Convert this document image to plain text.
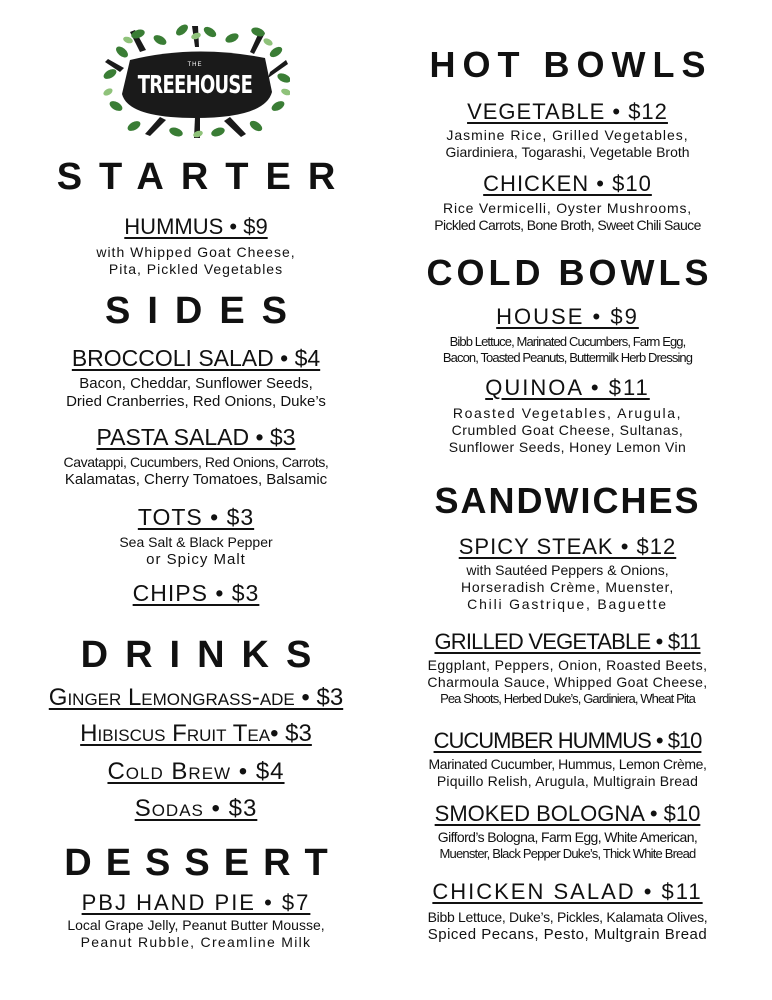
THE
TREEHOUSE
STARTER
HUMMUS • $9
with Whipped Goat Cheese,
Pita, Pickled Vegetables
SIDES
BROCCOLI SALAD • $4
Bacon, Cheddar, Sunflower Seeds,
Dried Cranberries, Red Onions, Duke’s
PASTA SALAD • $3
Cavatappi, Cucumbers, Red Onions, Carrots,
Kalamatas, Cherry Tomatoes, Balsamic
TOTS • $3
Sea Salt & Black Pepper
or Spicy Malt
CHIPS • $3
DRINKS
Ginger Lemongrass-ade • $3
Hibiscus Fruit Tea• $3
Cold Brew • $4
Sodas • $3
DESSERT
PBJ HAND PIE • $7
Local Grape Jelly, Peanut Butter Mousse,
Peanut Rubble, Creamline Milk
HOT BOWLS
VEGETABLE • $12
Jasmine Rice, Grilled Vegetables,
Giardiniera, Togarashi, Vegetable Broth
CHICKEN • $10
Rice Vermicelli, Oyster Mushrooms,
Pickled Carrots, Bone Broth, Sweet Chili Sauce
COLD BOWLS
HOUSE • $9
Bibb Lettuce, Marinated Cucumbers, Farm Egg,
Bacon, Toasted Peanuts, Buttermilk Herb Dressing
QUINOA • $11
Roasted Vegetables, Arugula,
Crumbled Goat Cheese, Sultanas,
Sunflower Seeds, Honey Lemon Vin
SANDWICHES
SPICY STEAK • $12
with Sautéed Peppers & Onions,
Horseradish Crème, Muenster,
Chili Gastrique, Baguette
GRILLED VEGETABLE • $11
Eggplant, Peppers, Onion, Roasted Beets,
Charmoula Sauce, Whipped Goat Cheese,
Pea Shoots, Herbed Duke’s, Gardiniera, Wheat Pita
CUCUMBER HUMMUS • $10
Marinated Cucumber, Hummus, Lemon Crème,
Piquillo Relish, Arugula, Multigrain Bread
SMOKED BOLOGNA • $10
Gifford’s Bologna, Farm Egg, White American,
Muenster, Black Pepper Duke’s, Thick White Bread
CHICKEN SALAD • $11
Bibb Lettuce, Duke’s, Pickles, Kalamata Olives,
Spiced Pecans, Pesto, Multgrain Bread
